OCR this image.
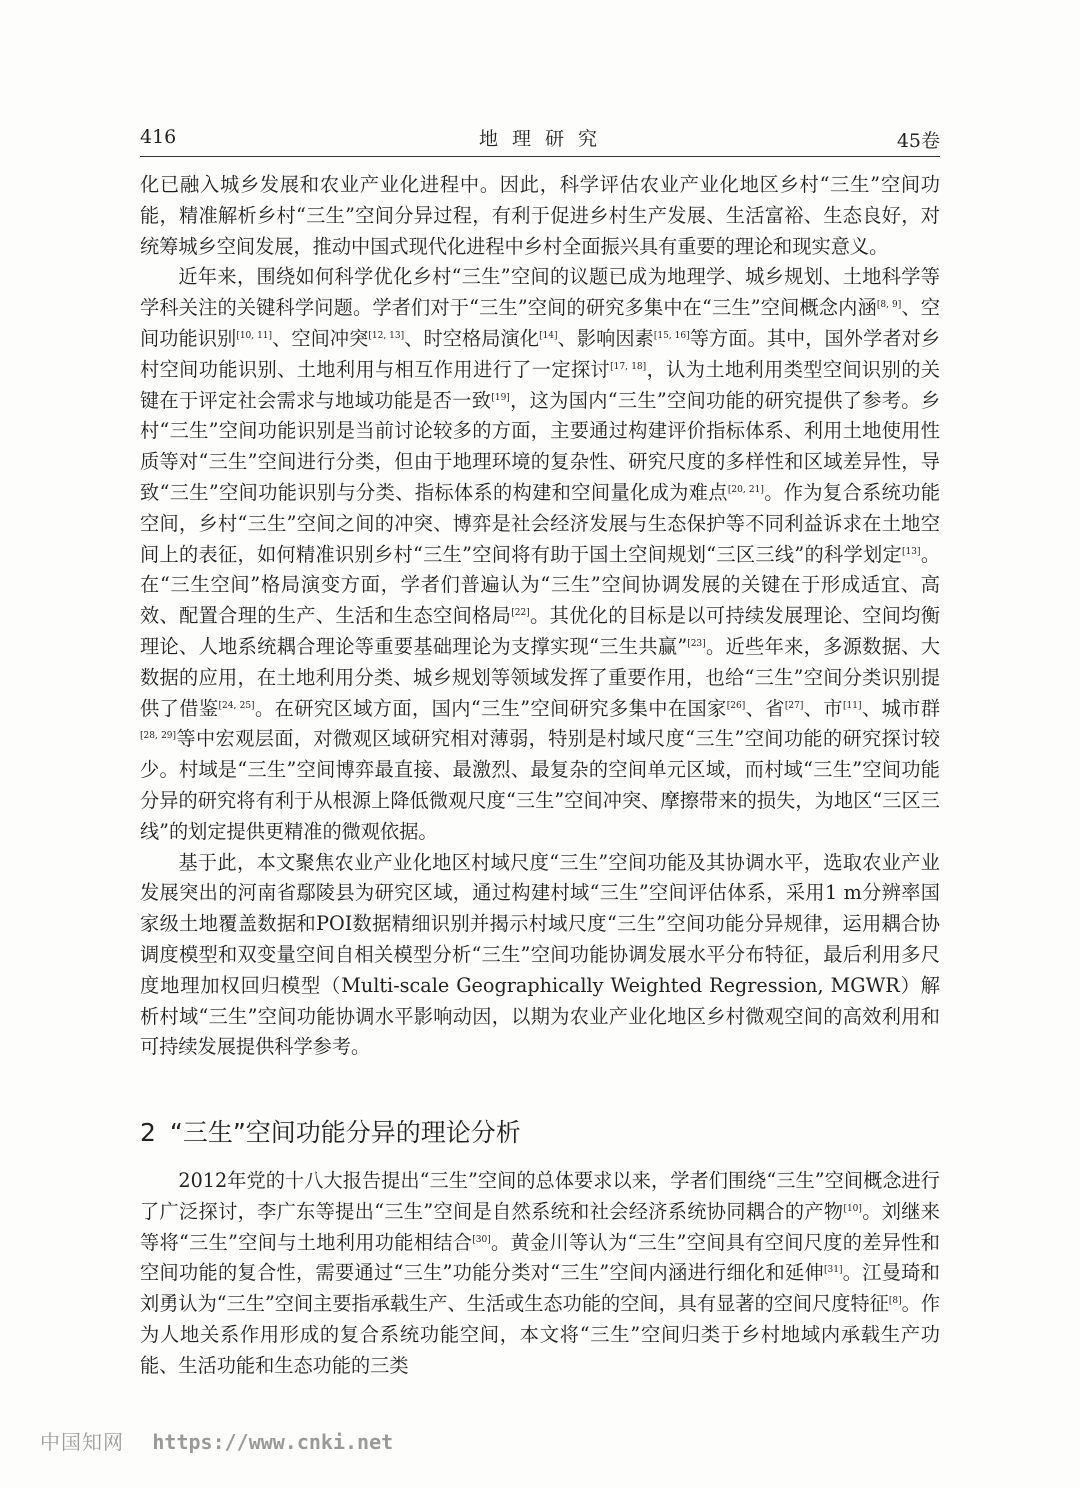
416	地 理 研 究	45卷

化已融入城乡发展和农业产业化进程中。因此，科学评估农业产业化地区乡村“三生”空间功能，精准解析乡村“三生”空间分异过程，有利于促进乡村生产发展、生活富裕、生态良好，对统筹城乡空间发展，推动中国式现代化进程中乡村全面振兴具有重要的理论和现实意义。

近年来，围绕如何科学优化乡村“三生”空间的议题已成为地理学、城乡规划、土地科学等学科关注的关键科学问题。学者们对于“三生”空间的研究多集中在“三生”空间概念内涵[8, 9]、空间功能识别[10, 11]、空间冲突[12, 13]、时空格局演化[14]、影响因素[15, 16]等方面。其中，国外学者对乡村空间功能识别、土地利用与相互作用进行了一定探讨[17, 18]，认为土地利用类型空间识别的关键在于评定社会需求与地域功能是否一致[19]，这为国内“三生”空间功能的研究提供了参考。乡村“三生”空间功能识别是当前讨论较多的方面，主要通过构建评价指标体系、利用土地使用性质等对“三生”空间进行分类，但由于地理环境的复杂性、研究尺度的多样性和区域差异性，导致“三生”空间功能识别与分类、指标体系的构建和空间量化成为难点[20, 21]。作为复合系统功能空间，乡村“三生”空间之间的冲突、博弈是社会经济发展与生态保护等不同利益诉求在土地空间上的表征，如何精准识别乡村“三生”空间将有助于国土空间规划“三区三线”的科学划定[13]。在“三生空间”格局演变方面，学者们普遍认为“三生”空间协调发展的关键在于形成适宜、高效、配置合理的生产、生活和生态空间格局[22]。其优化的目标是以可持续发展理论、空间均衡理论、人地系统耦合理论等重要基础理论为支撑实现“三生共赢”[23]。近些年来，多源数据、大数据的应用，在土地利用分类、城乡规划等领域发挥了重要作用，也给“三生”空间分类识别提供了借鉴[24, 25]。在研究区域方面，国内“三生”空间研究多集中在国家[26]、省[27]、市[11]、城市群[28, 29]等中宏观层面，对微观区域研究相对薄弱，特别是村域尺度“三生”空间功能的研究探讨较少。村域是“三生”空间博弈最直接、最激烈、最复杂的空间单元区域，而村域“三生”空间功能分异的研究将有利于从根源上降低微观尺度“三生”空间冲突、摩擦带来的损失，为地区“三区三线”的划定提供更精准的微观依据。

基于此，本文聚焦农业产业化地区村域尺度“三生”空间功能及其协调水平，选取农业产业发展突出的河南省鄢陵县为研究区域，通过构建村域“三生”空间评估体系，采用1 m分辨率国家级土地覆盖数据和POI数据精细识别并揭示村域尺度“三生”空间功能分异规律，运用耦合协调度模型和双变量空间自相关模型分析“三生”空间功能协调发展水平分布特征，最后利用多尺度地理加权回归模型（Multi-scale Geographically Weighted Regression, MGWR）解析村域“三生”空间功能协调水平影响动因，以期为农业产业化地区乡村微观空间的高效利用和可持续发展提供科学参考。

2 “三生”空间功能分异的理论分析

2012年党的十八大报告提出“三生”空间的总体要求以来，学者们围绕“三生”空间概念进行了广泛探讨，李广东等提出“三生”空间是自然系统和社会经济系统协同耦合的产物[10]。刘继来等将“三生”空间与土地利用功能相结合[30]。黄金川等认为“三生”空间具有空间尺度的差异性和空间功能的复合性，需要通过“三生”功能分类对“三生”空间内涵进行细化和延伸[31]。江曼琦和刘勇认为“三生”空间主要指承载生产、生活或生态功能的空间，具有显著的空间尺度特征[8]。作为人地关系作用形成的复合系统功能空间，本文将“三生”空间归类于乡村地域内承载生产功能、生活功能和生态功能的三类

中国知网 https://www.cnki.net
